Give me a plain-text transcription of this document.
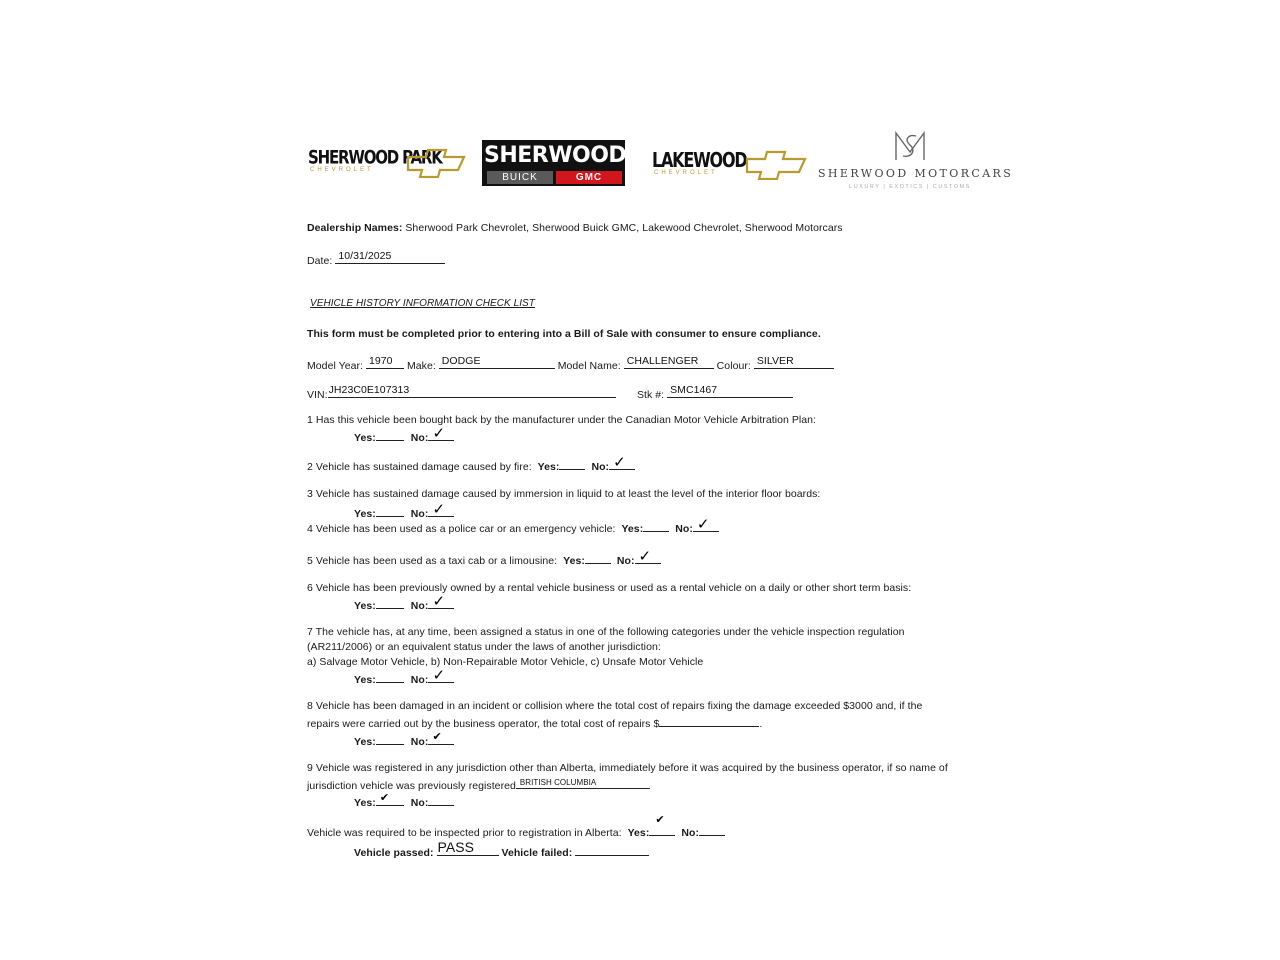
SHERWOOD PARK
CHEVROLET
SHERWOOD
BUICK	GMC
LAKEWOOD
CHEVROLET	SHERWOOD MOTORCARS
LUXURY | EXOTICS | CUSTOMS
Dealership Names: Sherwood Park Chevrolet, Sherwood Buick GMC, Lakewood Chevrolet, Sherwood Motorcars
Date: 10/31/2025
VEHICLE HISTORY INFORMATION CHECK LIST
This form must be completed prior to entering into a Bill of Sale with consumer to ensure compliance.
Model Year: 1970 Make: DODGE	Model Name: CHALLENGER Colour: SILVER
VIN: JH23C0E107313	Stk #: SMC1467
1 Has this vehicle been bought back by the manufacturer under the Canadian Motor Vehicle Arbitration Plan:
Yes:	No: ✓
2 Vehicle has sustained damage caused by fire: Yes:	No: ✓
3 Vehicle has sustained damage caused by immersion in liquid to at least the level of the interior floor boards:
Yes:	No: ✓
4 Vehicle has been used as a police car or an emergency vehicle: Yes:	No: ✓
5 Vehicle has been used as a taxi cab or a limousine: Yes:	No: ✓
6 Vehicle has been previously owned by a rental vehicle business or used as a rental vehicle on a daily or other short term basis:
Yes:	No: ✓
7 The vehicle has, at any time, been assigned a status in one of the following categories under the vehicle inspection regulation
(AR211/2006) or an equivalent status under the laws of another jurisdiction:
a) Salvage Motor Vehicle, b) Non-Repairable Motor Vehicle, c) Unsafe Motor Vehicle
Yes:	No: ✓
8 Vehicle has been damaged in an incident or collision where the total cost of repairs fixing the damage exceeded $3000 and, if the
repairs were carried out by the business operator, the total cost of repairs $	.
Yes:	No: ✔
9 Vehicle was registered in any jurisdiction other than Alberta, immediately before it was acquired by the business operator, if so name of
jurisdiction vehicle was previously registered BRITISH COLUMBIA
Yes: ✔ No:
Vehicle was required to be inspected prior to registration in Alberta: Yes:
✔
No:
Vehicle passed: PASS	Vehicle failed:
